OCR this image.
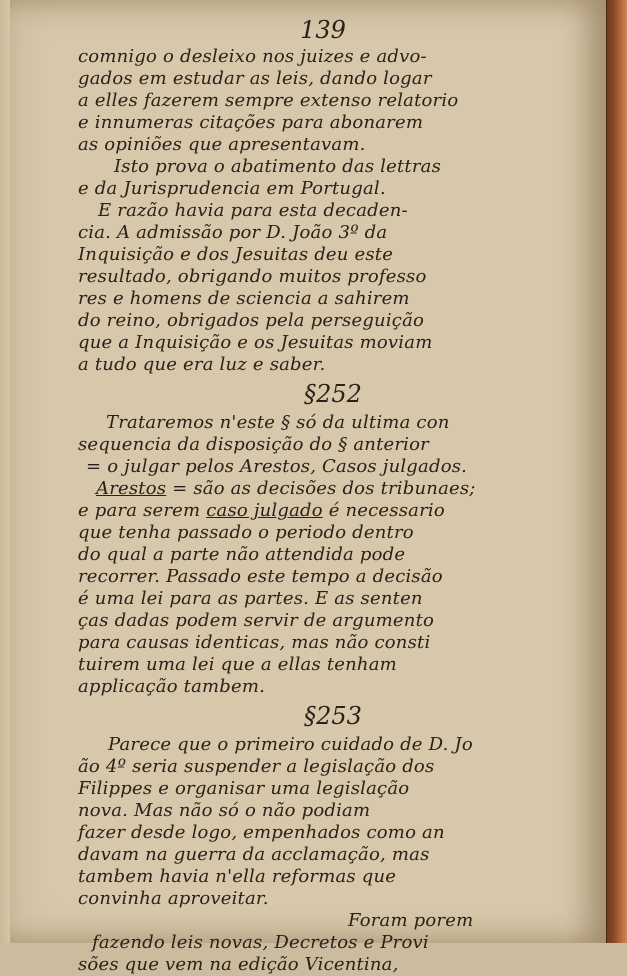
139
comnigo o desleixo nos juizes e advo-
gados em estudar as leis, dando logar
a elles fazerem sempre extenso relatorio
e innumeras citações para abonarem
as opiniões que apresentavam.
Isto prova o abatimento das lettras
e da Jurisprudencia em Portugal.
E razão havia para esta decaden-
cia. A admissão por D. João 3º da
Inquisição e dos Jesuitas deu este
resultado, obrigando muitos professo
res e homens de sciencia a sahirem
do reino, obrigados pela perseguição
que a Inquisição e os Jesuitas moviam
a tudo que era luz e saber.
§252
Trataremos n'este § só da ultima con
sequencia da disposição do § anterior
= o julgar pelos Arestos, Casos julgados.
Arestos = são as decisões dos tribunaes;
e para serem caso julgado é necessario
que tenha passado o periodo dentro
do qual a parte não attendida pode
recorrer. Passado este tempo a decisão
é uma lei para as partes. E as senten
ças dadas podem servir de argumento
para causas identicas, mas não consti
tuirem uma lei que a ellas tenham
applicação tambem.
§253
Parece que o primeiro cuidado de D. Jo
ão 4º seria suspender a legislação dos
Filippes e organisar uma legislação
nova. Mas não só o não podiam
fazer desde logo, empenhados como an
davam na guerra da acclamação, mas
tambem havia n'ella reformas que
convinha aproveitar.
Foram porem
fazendo leis novas, Decretos e Provi
sões que vem na edição Vicentina,
